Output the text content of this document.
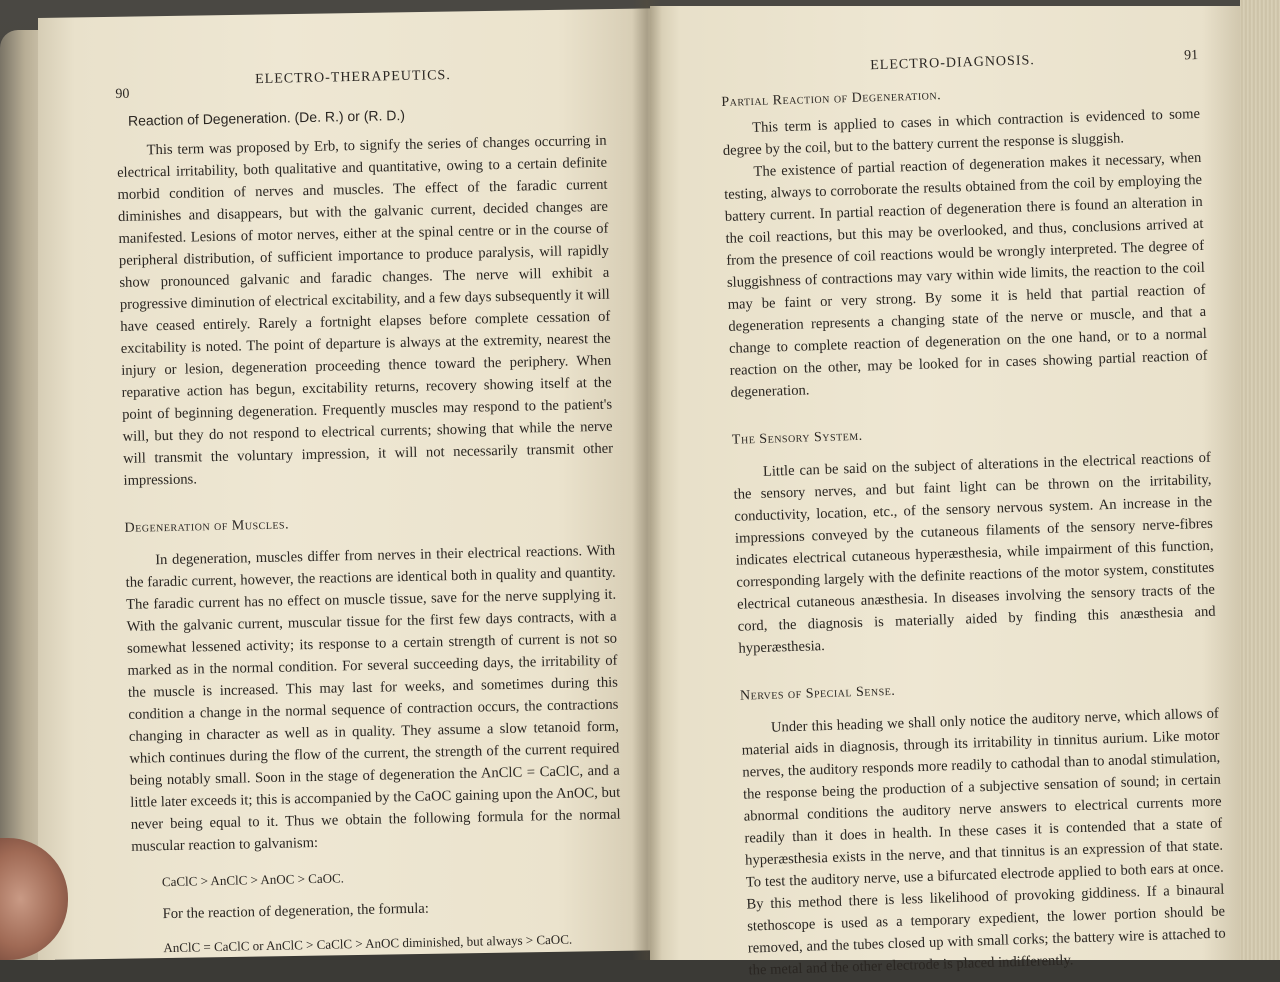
90
ELECTRO-THERAPEUTICS.
Reaction of Degeneration. (De. R.) or (R. D.)

This term was proposed by Erb, to signify the series of changes occurring in electrical irritability, both qualitative and quantitative, owing to a certain definite morbid condition of nerves and muscles. The effect of the faradic current diminishes and disappears, but with the galvanic current, decided changes are manifested. Lesions of motor nerves, either at the spinal centre or in the course of peripheral distribution, of sufficient importance to produce paralysis, will rapidly show pronounced galvanic and faradic changes. The nerve will exhibit a progressive diminution of electrical excitability, and a few days subsequently it will have ceased entirely. Rarely a fortnight elapses before complete cessation of excitability is noted. The point of departure is always at the extremity, nearest the injury or lesion, degeneration proceeding thence toward the periphery. When reparative action has begun, excitability returns, recovery showing itself at the point of beginning degeneration. Frequently muscles may respond to the patient's will, but they do not respond to electrical currents; showing that while the nerve will transmit the voluntary impression, it will not necessarily transmit other impressions.

Degeneration of Muscles.

In degeneration, muscles differ from nerves in their electrical reactions. With the faradic current, however, the reactions are identical both in quality and quantity. The faradic current has no effect on muscle tissue, save for the nerve supplying it. With the galvanic current, muscular tissue for the first few days contracts, with a somewhat lessened activity; its response to a certain strength of current is not so marked as in the normal condition. For several succeeding days, the irritability of the muscle is increased. This may last for weeks, and sometimes during this condition a change in the normal sequence of contraction occurs, the contractions changing in character as well as in quality. They assume a slow tetanoid form, which continues during the flow of the current, the strength of the current required being notably small. Soon in the stage of degeneration the AnClC = CaClC, and a little later exceeds it; this is accompanied by the CaOC gaining upon the AnOC, but never being equal to it. Thus we obtain the following formula for the normal muscular reaction to galvanism:

CaClC > AnClC > AnOC > CaOC.

For the reaction of degeneration, the formula:

AnClC = CaClC or AnClC > CaClC > AnOC diminished, but always > CaOC.

ELECTRO-DIAGNOSIS.	91
Partial Reaction of Degeneration.

This term is applied to cases in which contraction is evidenced to some degree by the coil, but to the battery current the response is sluggish.

The existence of partial reaction of degeneration makes it necessary, when testing, always to corroborate the results obtained from the coil by employing the battery current. In partial reaction of degeneration there is found an alteration in the coil reactions, but this may be overlooked, and thus, conclusions arrived at from the presence of coil reactions would be wrongly interpreted. The degree of sluggishness of contractions may vary within wide limits, the reaction to the coil may be faint or very strong. By some it is held that partial reaction of degeneration represents a changing state of the nerve or muscle, and that a change to complete reaction of degeneration on the one hand, or to a normal reaction on the other, may be looked for in cases showing partial reaction of degeneration.

The Sensory System.

Little can be said on the subject of alterations in the electrical reactions of the sensory nerves, and but faint light can be thrown on the irritability, conductivity, location, etc., of the sensory nervous system. An increase in the impressions conveyed by the cutaneous filaments of the sensory nerve-fibres indicates electrical cutaneous hyperæsthesia, while impairment of this function, corresponding largely with the definite reactions of the motor system, constitutes electrical cutaneous anæsthesia. In diseases involving the sensory tracts of the cord, the diagnosis is materially aided by finding this anæsthesia and hyperæsthesia.

Nerves of Special Sense.

Under this heading we shall only notice the auditory nerve, which allows of material aids in diagnosis, through its irritability in tinnitus aurium. Like motor nerves, the auditory responds more readily to cathodal than to anodal stimulation, the response being the production of a subjective sensation of sound; in certain abnormal conditions the auditory nerve answers to electrical currents more readily than it does in health. In these cases it is contended that a state of hyperæsthesia exists in the nerve, and that tinnitus is an expression of that state. To test the auditory nerve, use a bifurcated electrode applied to both ears at once. By this method there is less likelihood of provoking giddiness. If a binaural stethoscope is used as a temporary expedient, the lower portion should be removed, and the tubes closed up with small corks; the battery wire is attached to the metal and the other electrode is placed indifferently.
